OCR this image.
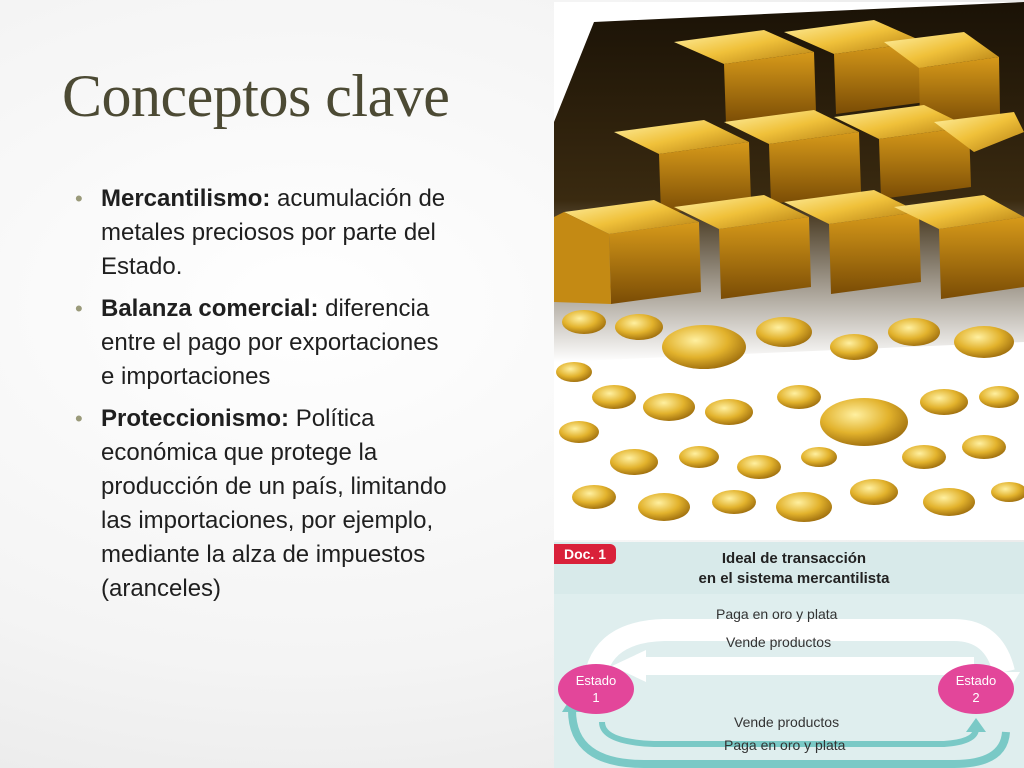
Conceptos clave
• Mercantilismo: acumulación de metales preciosos por parte del Estado.
• Balanza comercial: diferencia entre el pago por exportaciones e importaciones
• Proteccionismo: Política económica que protege la producción de un país, limitando las importaciones, por ejemplo, mediante la alza de impuestos (aranceles)
Doc. 1	Ideal de transacción
en el sistema mercantilista
Paga en oro y plata
Vende productos
Vende productos
Paga en oro y plata
Estado
1
Estado
2
